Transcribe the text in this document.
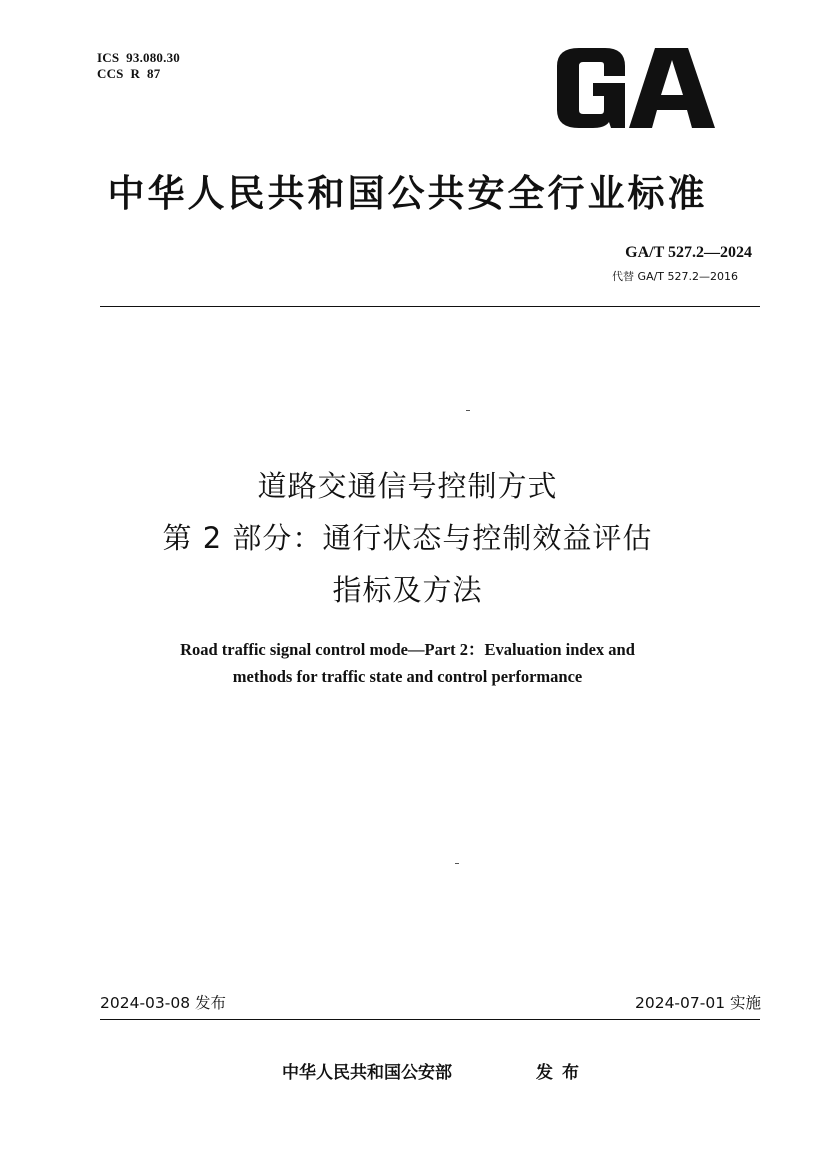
ICS  93.080.30
CCS  R  87
中华人民共和国公共安全行业标准
GA/T 527.2—2024
代替 GA/T 527.2—2016
道路交通信号控制方式
第 2 部分：通行状态与控制效益评估
指标及方法
Road traffic signal control mode—Part 2：Evaluation index and
methods for traffic state and control performance
2024-03-08 发布	2024-07-01 实施
中华人民共和国公安部	发布
